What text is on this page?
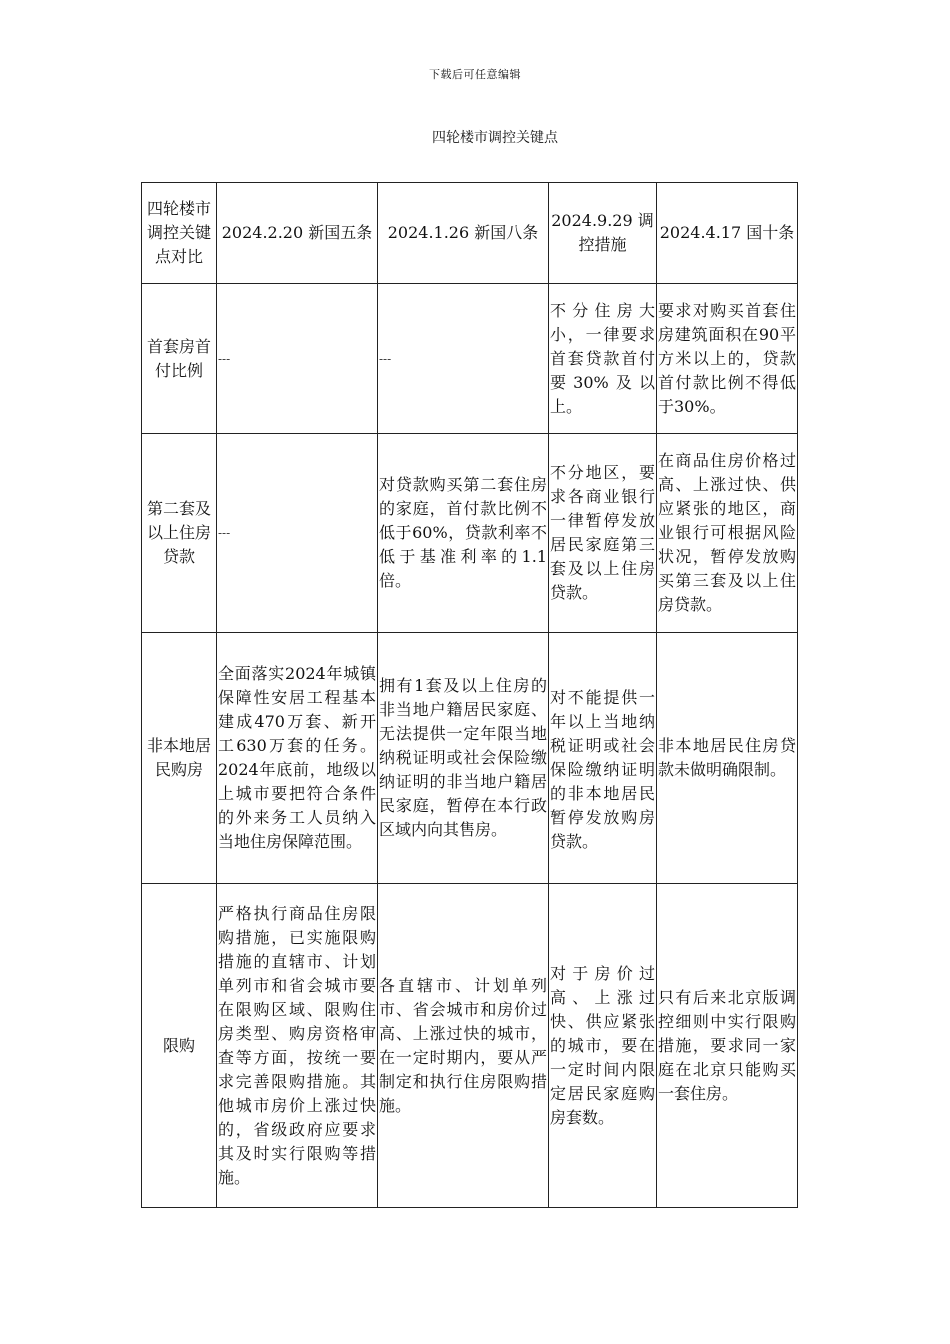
下载后可任意编辑
四轮楼市调控关键点
四轮楼市调控关键点对比	2024.2.20 新国五条	2024.1.26 新国八条	2024.9.29 调控措施	2024.4.17 国十条
首套房首付比例	---	---	不分住房大小，一律要求首套贷款首付要30%及以上。	要求对购买首套住房建筑面积在90平方米以上的，贷款首付款比例不得低于30%。
第二套及以上住房贷款	---	对贷款购买第二套住房的家庭，首付款比例不低于60%，贷款利率不低于基准利率的1.1倍。	不分地区，要求各商业银行一律暂停发放居民家庭第三套及以上住房贷款。	在商品住房价格过高、上涨过快、供应紧张的地区，商业银行可根据风险状况，暂停发放购买第三套及以上住房贷款。
非本地居民购房	全面落实2024年城镇保障性安居工程基本建成470万套、新开工630万套的任务。 2024年底前，地级以上城市要把符合条件的外来务工人员纳入当地住房保障范围。	拥有1套及以上住房的非当地户籍居民家庭、无法提供一定年限当地纳税证明或社会保险缴纳证明的非当地户籍居民家庭，暂停在本行政区域内向其售房。	对不能提供一年以上当地纳税证明或社会保险缴纳证明的非本地居民暂停发放购房贷款。	非本地居民住房贷款未做明确限制。
限购	严格执行商品住房限购措施，已实施限购措施的直辖市、计划单列市和省会城市要在限购区域、限购住房类型、购房资格审查等方面，按统一要求完善限购措施。其他城市房价上涨过快的，省级政府应要求其及时实行限购等措施。	各直辖市、计划单列市、省会城市和房价过高、上涨过快的城市，在一定时期内，要从严制定和执行住房限购措施。	对于房价过高、上涨过快、供应紧张的城市，要在一定时间内限定居民家庭购房套数。	只有后来北京版调控细则中实行限购措施，要求同一家庭在北京只能购买一套住房。
